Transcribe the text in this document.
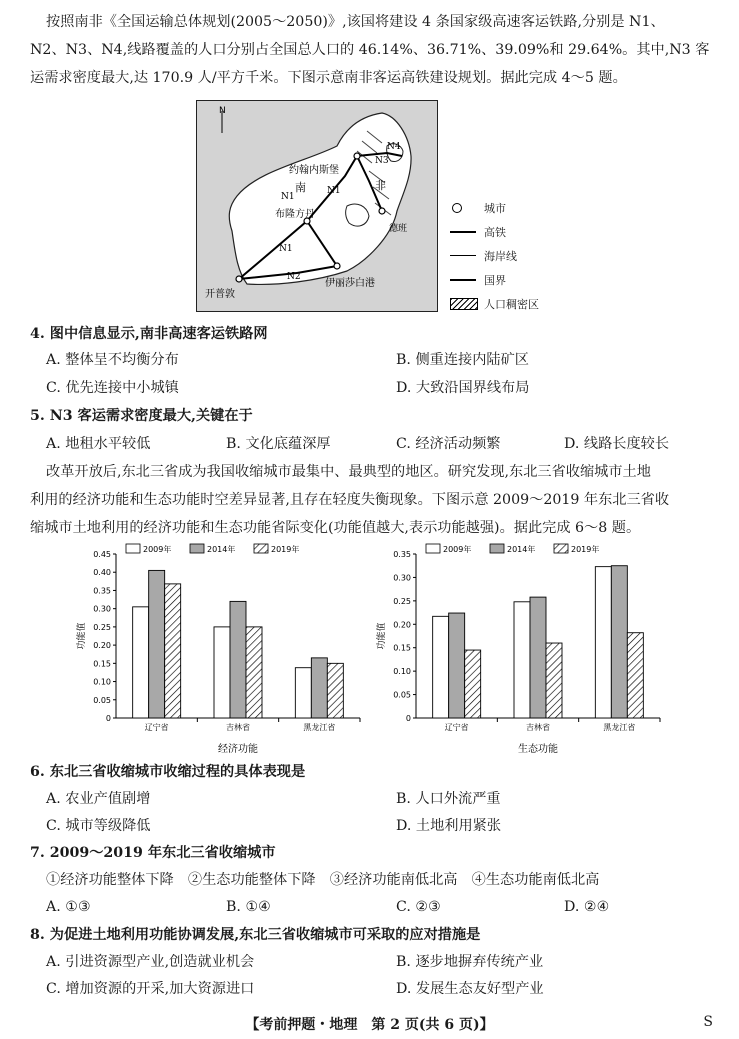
按照南非《全国运输总体规划(2005～2050)》,该国将建设 4 条国家级高速客运铁路,分别是 N1、
N2、N3、N4,线路覆盖的人口分别占全国总人口的 46.14%、36.71%、39.09%和 29.64%。其中,N3 客
运需求密度最大,达 170.9 人/平方千米。下图示意南非客运高铁建设规划。据此完成 4～5 题。
N
南	非
约翰内斯堡
布隆方丹
德班
开普敦
伊丽莎白港
N1
N1
N1
N2
N3
N4
城市
高铁
海岸线
国界
人口稠密区
4. 图中信息显示,南非高速客运铁路网
A. 整体呈不均衡分布	B. 侧重连接内陆矿区
C. 优先连接中小城镇	D. 大致沿国界线布局
5. N3 客运需求密度最大,关键在于
A. 地租水平较低	B. 文化底蕴深厚	C. 经济活动频繁	D. 线路长度较长
改革开放后,东北三省成为我国收缩城市最集中、最典型的地区。研究发现,东北三省收缩城市土地
利用的经济功能和生态功能时空差异显著,且存在轻度失衡现象。下图示意 2009～2019 年东北三省收
缩城市土地利用的经济功能和生态功能省际变化(功能值越大,表示功能越强)。据此完成 6～8 题。
0
0.05
0.10
0.15
0.20
0.25
0.30
0.35
0.40
0.45
功能值
2009年	2014年	2019年
辽宁省	吉林省	黑龙江省
经济功能
0
0.05
0.10
0.15
0.20
0.25
0.30
0.35
功能值
2009年	2014年	2019年
辽宁省	吉林省	黑龙江省
生态功能
6. 东北三省收缩城市收缩过程的具体表现是
A. 农业产值剧增	B. 人口外流严重
C. 城市等级降低	D. 土地利用紧张
7. 2009～2019 年东北三省收缩城市
①经济功能整体下降　②生态功能整体下降　③经济功能南低北高　④生态功能南低北高
A. ①③	B. ①④	C. ②③	D. ②④
8. 为促进土地利用功能协调发展,东北三省收缩城市可采取的应对措施是
A. 引进资源型产业,创造就业机会	B. 逐步地摒弃传统产业
C. 增加资源的开采,加大资源进口	D. 发展生态友好型产业
【考前押题・地理　第 2 页(共 6 页)】	S
